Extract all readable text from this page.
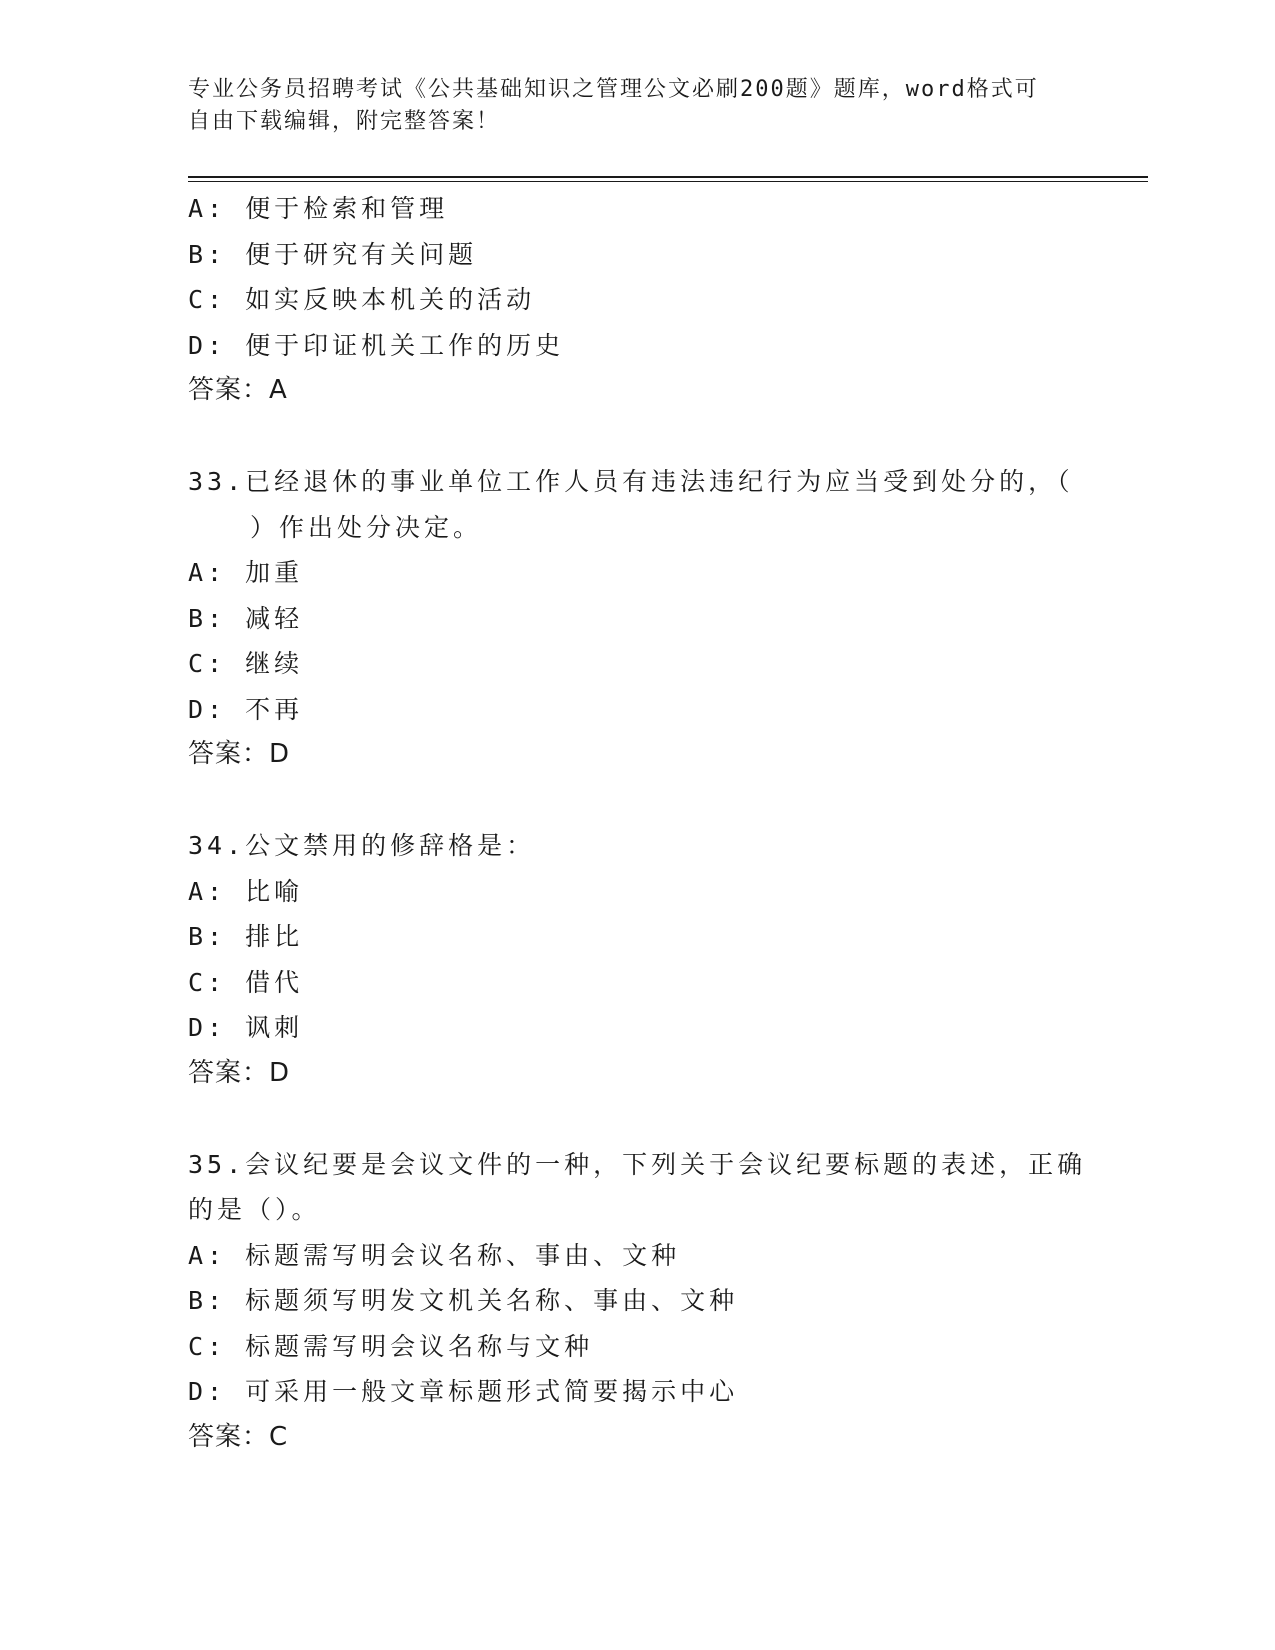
专业公务员招聘考试《公共基础知识之管理公文必刷200题》题库，word格式可
自由下载编辑，附完整答案！
A: 便于检索和管理
B: 便于研究有关问题
C: 如实反映本机关的活动
D: 便于印证机关工作的历史
答案：A
33.已经退休的事业单位工作人员有违法违纪行为应当受到处分的，（
）作出处分决定。
A: 加重
B: 减轻
C: 继续
D: 不再
答案：D
34.公文禁用的修辞格是：
A: 比喻
B: 排比
C: 借代
D: 讽刺
答案：D
35.会议纪要是会议文件的一种，下列关于会议纪要标题的表述，正确
的是（）。
A: 标题需写明会议名称、事由、文种
B: 标题须写明发文机关名称、事由、文种
C: 标题需写明会议名称与文种
D: 可采用一般文章标题形式简要揭示中心
答案：C
